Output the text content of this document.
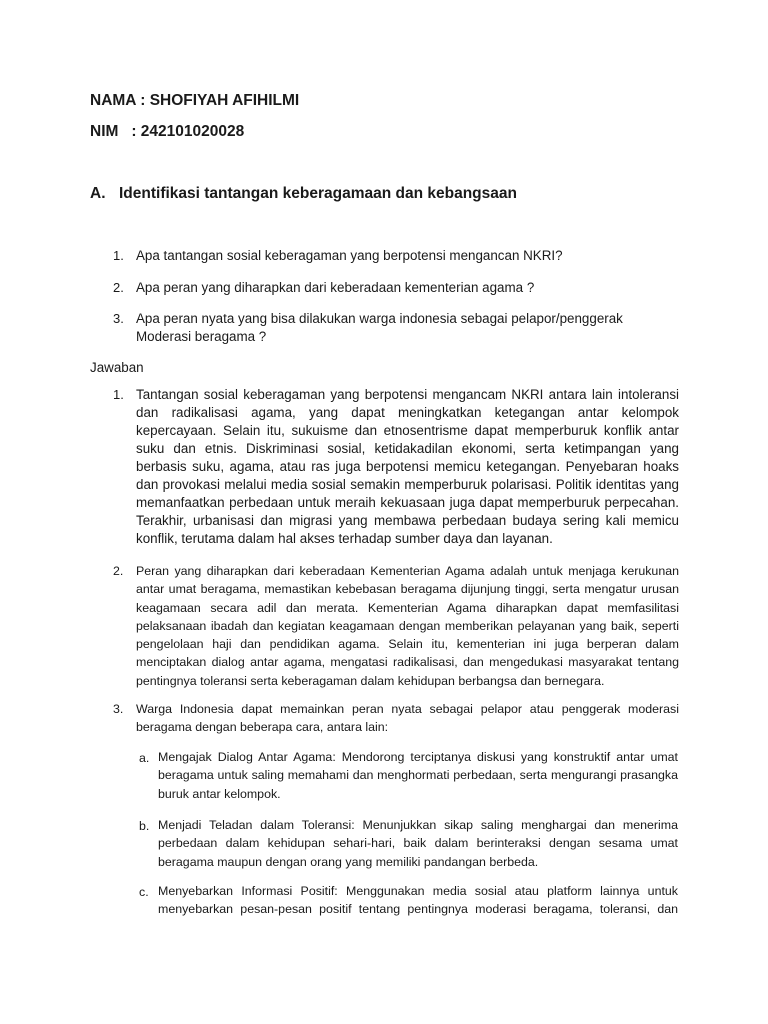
NAMA : SHOFIYAH AFIHILMI
NIM   : 242101020028
A. Identifikasi tantangan keberagamaan dan kebangsaan
1. Apa tantangan sosial keberagaman yang berpotensi mengancan NKRI?
2. Apa peran yang diharapkan dari keberadaan kementerian agama ?
3. Apa peran nyata yang bisa dilakukan warga indonesia sebagai pelapor/penggerak Moderasi beragama ?
Jawaban
1. Tantangan sosial keberagaman yang berpotensi mengancam NKRI antara lain intoleransi dan radikalisasi agama, yang dapat meningkatkan ketegangan antar kelompok kepercayaan. Selain itu, sukuisme dan etnosentrisme dapat memperburuk konflik antar suku dan etnis. Diskriminasi sosial, ketidakadilan ekonomi, serta ketimpangan yang berbasis suku, agama, atau ras juga berpotensi memicu ketegangan. Penyebaran hoaks dan provokasi melalui media sosial semakin memperburuk polarisasi. Politik identitas yang memanfaatkan perbedaan untuk meraih kekuasaan juga dapat memperburuk perpecahan. Terakhir, urbanisasi dan migrasi yang membawa perbedaan budaya sering kali memicu konflik, terutama dalam hal akses terhadap sumber daya dan layanan.
2. Peran yang diharapkan dari keberadaan Kementerian Agama adalah untuk menjaga kerukunan antar umat beragama, memastikan kebebasan beragama dijunjung tinggi, serta mengatur urusan keagamaan secara adil dan merata. Kementerian Agama diharapkan dapat memfasilitasi pelaksanaan ibadah dan kegiatan keagamaan dengan memberikan pelayanan yang baik, seperti pengelolaan haji dan pendidikan agama. Selain itu, kementerian ini juga berperan dalam menciptakan dialog antar agama, mengatasi radikalisasi, dan mengedukasi masyarakat tentang pentingnya toleransi serta keberagaman dalam kehidupan berbangsa dan bernegara.
3. Warga Indonesia dapat memainkan peran nyata sebagai pelapor atau penggerak moderasi beragama dengan beberapa cara, antara lain:
a. Mengajak Dialog Antar Agama: Mendorong terciptanya diskusi yang konstruktif antar umat beragama untuk saling memahami dan menghormati perbedaan, serta mengurangi prasangka buruk antar kelompok.
b. Menjadi Teladan dalam Toleransi: Menunjukkan sikap saling menghargai dan menerima perbedaan dalam kehidupan sehari-hari, baik dalam berinteraksi dengan sesama umat beragama maupun dengan orang yang memiliki pandangan berbeda.
c. Menyebarkan Informasi Positif: Menggunakan media sosial atau platform lainnya untuk menyebarkan pesan-pesan positif tentang pentingnya moderasi beragama, toleransi, dan
